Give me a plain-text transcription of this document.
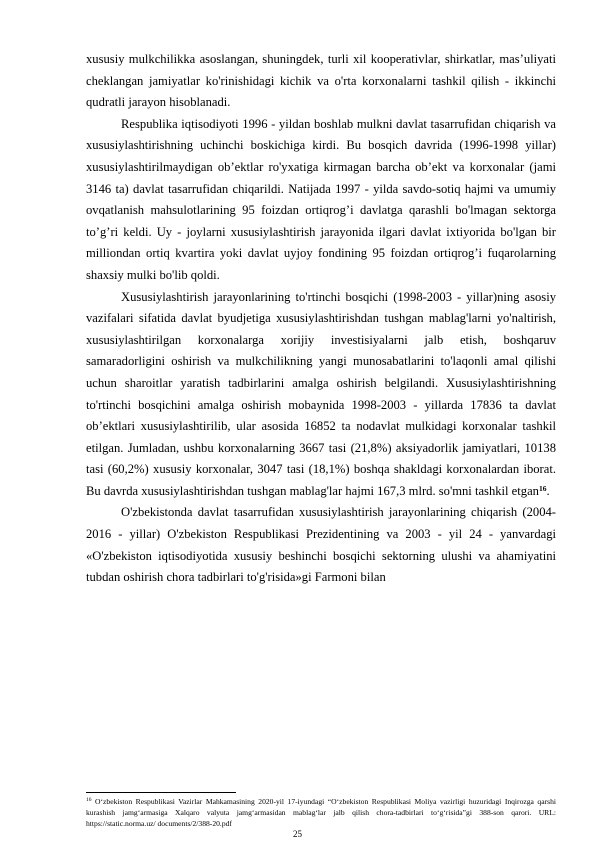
xususiy mulkchilikka asoslangan, shuningdek, turli xil kooperativlar, shirkatlar, mas’uliyati cheklangan jamiyatlar ko'rinishidagi kichik va o'rta korxonalarni tashkil qilish - ikkinchi qudratli jarayon hisoblanadi.

Respublika iqtisodiyoti 1996 - yildan boshlab mulkni davlat tasarrufidan chiqarish va xususiylashtirishning uchinchi boskichiga kirdi. Bu bosqich davrida (1996-1998 yillar) xususiylashtirilmaydigan ob’ektlar ro'yxatiga kirmagan barcha ob’ekt va korxonalar (jami 3146 ta) davlat tasarrufidan chiqarildi. Natijada 1997 - yilda savdo-sotiq hajmi va umumiy ovqatlanish mahsulotlarining 95 foizdan ortiqrog’i davlatga qarashli bo'lmagan sektorga to’g’ri keldi. Uy - joylarni xususiylashtirish jarayonida ilgari davlat ixtiyorida bo'lgan bir milliondan ortiq kvartira yoki davlat uyjoy fondining 95 foizdan ortiqrog’i fuqarolarning shaxsiy mulki bo'lib qoldi.

Xususiylashtirish jarayonlarining to'rtinchi bosqichi (1998-2003 - yillar)ning asosiy vazifalari sifatida davlat byudjetiga xususiylashtirishdan tushgan mablag'larni yo'naltirish, xususiylashtirilgan korxonalarga xorijiy investisiyalarni jalb etish, boshqaruv samaradorligini oshirish va mulkchilikning yangi munosabatlarini to'laqonli amal qilishi uchun sharoitlar yaratish tadbirlarini amalga oshirish belgilandi. Xususiylashtirishning to'rtinchi bosqichini amalga oshirish mobaynida 1998-2003 - yillarda 17836 ta davlat ob’ektlari xususiylashtirilib, ular asosida 16852 ta nodavlat mulkidagi korxonalar tashkil etilgan. Jumladan, ushbu korxonalarning 3667 tasi (21,8%) aksiyadorlik jamiyatlari, 10138 tasi (60,2%) xususiy korxonalar, 3047 tasi (18,1%) boshqa shakldagi korxonalardan iborat. Bu davrda xususiylashtirishdan tushgan mablag'lar hajmi 167,3 mlrd. so'mni tashkil etgan$^{16}$.

O'zbekistonda davlat tasarrufidan xususiylashtirish jarayonlarining chiqarish (2004-2016 - yillar) O'zbekiston Respublikasi Prezidentining va 2003 - yil 24 - yanvardagi «O'zbekiston iqtisodiyotida xususiy beshinchi bosqichi sektorning ulushi va ahamiyatini tubdan oshirish chora tadbirlari to'g'risida»gi Farmoni bilan

$^{16}$ O‘zbekiston Respublikasi Vazirlar Mahkamasining 2020-yil 17-iyundagi “O‘zbekiston Respublikasi Moliya vazirligi huzuridagi Inqirozga qarshi kurashish jamg‘armasiga Xalqaro valyuta jamg‘armasidan mablag‘lar jalb qilish chora-tadbirlari to‘g‘risida”gi 388-son qarori. URL: https://static.norma.uz/ documents/2/388-20.pdf
25
